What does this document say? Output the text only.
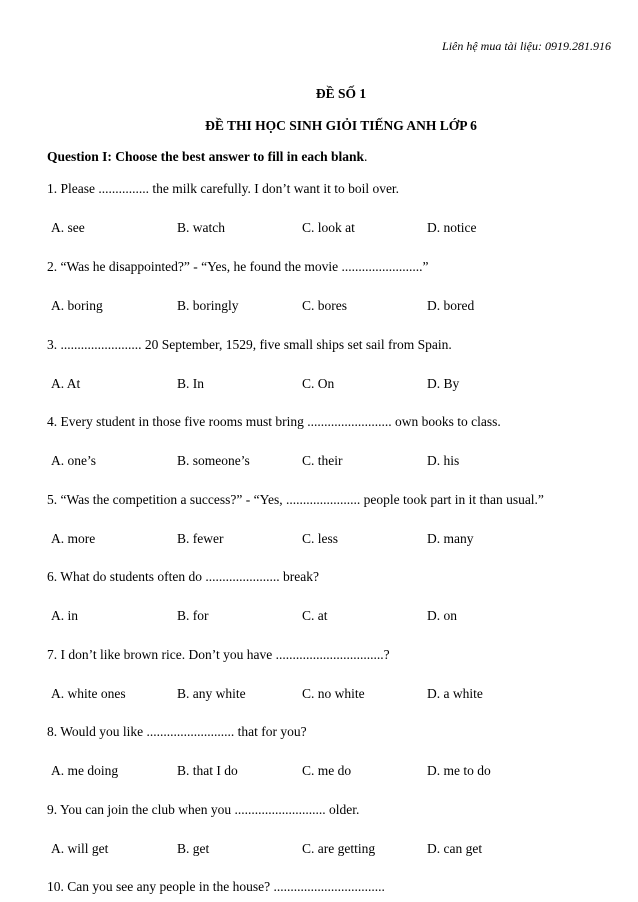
Liên hệ mua tài liệu: 0919.281.916
ĐỀ SỐ 1
ĐỀ THI HỌC SINH GIỎI TIẾNG ANH LỚP 6
Question I: Choose the best answer to fill in each blank.
1. Please ............... the milk carefully. I don’t want it to boil over.
A. see	B. watch	C. look at	D. notice
2. “Was he disappointed?” - “Yes, he found the movie ........................”
A. boring	B. boringly	C. bores	D. bored
3. ........................ 20 September, 1529, five small ships set sail from Spain.
A. At	B. In	C. On	D. By
4. Every student in those five rooms must bring ......................... own books to class.
A. one’s	B. someone’s	C. their	D. his
5. “Was the competition a success?” - “Yes, ...................... people took part in it than usual.”
A. more	B. fewer	C. less	D. many
6. What do students often do ...................... break?
A. in	B. for	C. at	D. on
7. I don’t like brown rice. Don’t you have ................................?
A. white ones	B. any white	C. no white	D. a white
8. Would you like .......................... that for you?
A. me doing	B. that I do	C. me do	D. me to do
9. You can join the club when you ........................... older.
A. will get	B. get	C. are getting	D. can get
10. Can you see any people in the house? .................................
